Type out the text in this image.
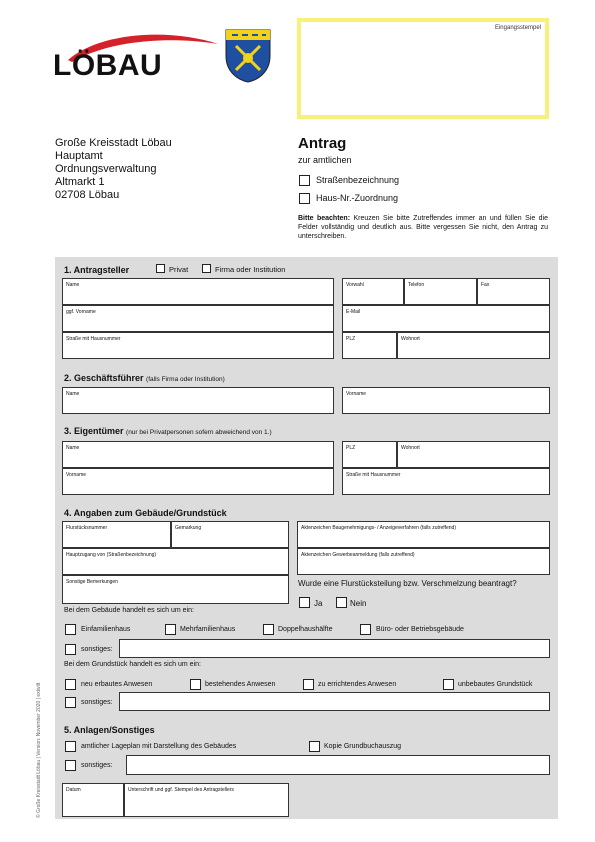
LÖBAU
Eingangsstempel
Große Kreisstadt Löbau
Hauptamt
Ordnungsverwaltung
Altmarkt 1
02708 Löbau
Antrag
zur amtlichen
Straßenbezeichnung
Haus-Nr.-Zuordnung
Bitte beachten: Kreuzen Sie bitte Zutreffendes immer an und füllen Sie die Felder vollständig und deutlich aus. Bitte vergessen Sie nicht, den Antrag zu unterschreiben.
1. Antragsteller	Privat	Firma oder Institution
Name	Vorwahl	Telefon	Fax
ggf. Vorname	E-Mail
Straße mit Hausnummer	PLZ	Wohnort
2. Geschäftsführer (falls Firma oder Institution)
Name	Vorname
3. Eigentümer (nur bei Privatpersonen sofern abweichend von 1.)
Name	PLZ	Wohnort
Vorname	Straße mit Hausnummer
4. Angaben zum Gebäude/Grundstück
Flurstücksnummer	Gemarkung	Aktenzeichen Baugenehmigungs- / Anzeigeverfahren (falls zutreffend)
Hauptzugang von (Straßenbezeichnung)	Aktenzeichen Gewerbeanmeldung (falls zutreffend)
Sonstige Bemerkungen	Wurde eine Flurstücksteilung bzw. Verschmelzung beantragt?
Ja	Nein
Bei dem Gebäude handelt es sich um ein:
Einfamilienhaus	Mehrfamilienhaus	Doppelhaushälfte	Büro- oder Betriebsgebäude
sonstiges:
Bei dem Grundstück handelt es sich um ein:
neu erbautes Anwesen	bestehendes Anwesen	zu errichtendes Anwesen	unbebautes Grundstück
sonstiges:
5. Anlagen/Sonstiges
amtlicher Lageplan mit Darstellung des Gebäudes	Kopie Grundbuchauszug
sonstiges:
Datum	Unterschrift und ggf. Stempel des Antragstellers
© Große Kreisstadt Löbau | Version: November 2020 | extwilt
